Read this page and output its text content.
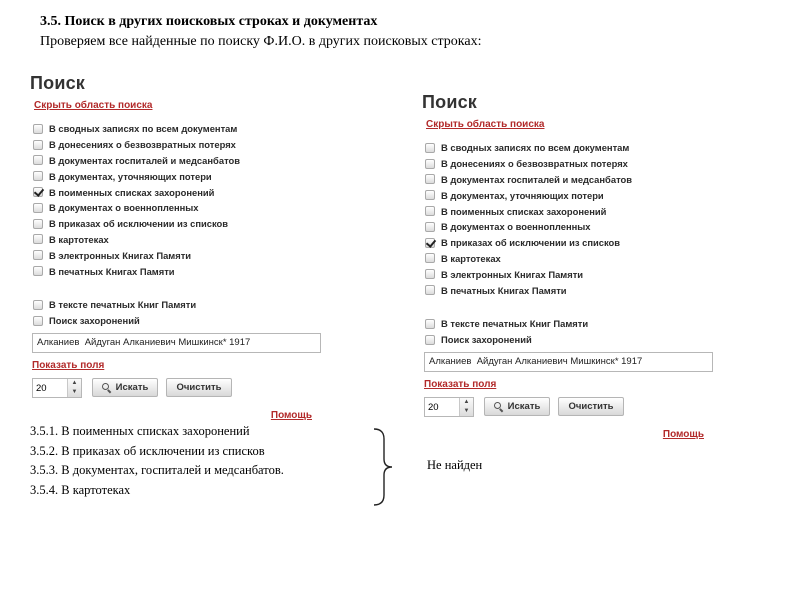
3.5. Поиск в других поисковых строках и документах
Проверяем все найденные по поиску Ф.И.О. в других поисковых строках:
Поиск
Скрыть область поиска
В сводных записях по всем документам
В донесениях о безвозвратных потерях
В документах госпиталей и медсанбатов
В документах, уточняющих потери
В поименных списках захоронений
В документах о военнопленных
В приказах об исключении из списков
В картотеках
В электронных Книгах Памяти
В печатных Книгах Памяти
В тексте печатных Книг Памяти
Поиск захоронений
Алканиев Айдуган Алканиевич Мишкинск* 1917 Показать поля
20	▲
▼	Искать	Очистить
Помощь
Поиск
Скрыть область поиска
В сводных записях по всем документам
В донесениях о безвозвратных потерях
В документах госпиталей и медсанбатов
В документах, уточняющих потери
В поименных списках захоронений
В документах о военнопленных
В приказах об исключении из списков
В картотеках
В электронных Книгах Памяти
В печатных Книгах Памяти
В тексте печатных Книг Памяти
Поиск захоронений
Алканиев Айдуган Алканиевич Мишкинск* 1917 Показать поля
20	▲
▼	Искать	Очистить
Помощь
3.5.1. В поименных списках захоронений
3.5.2. В приказах об исключении из списков
3.5.3. В документах, госпиталей и медсанбатов.
3.5.4. В картотеках
Не найден
